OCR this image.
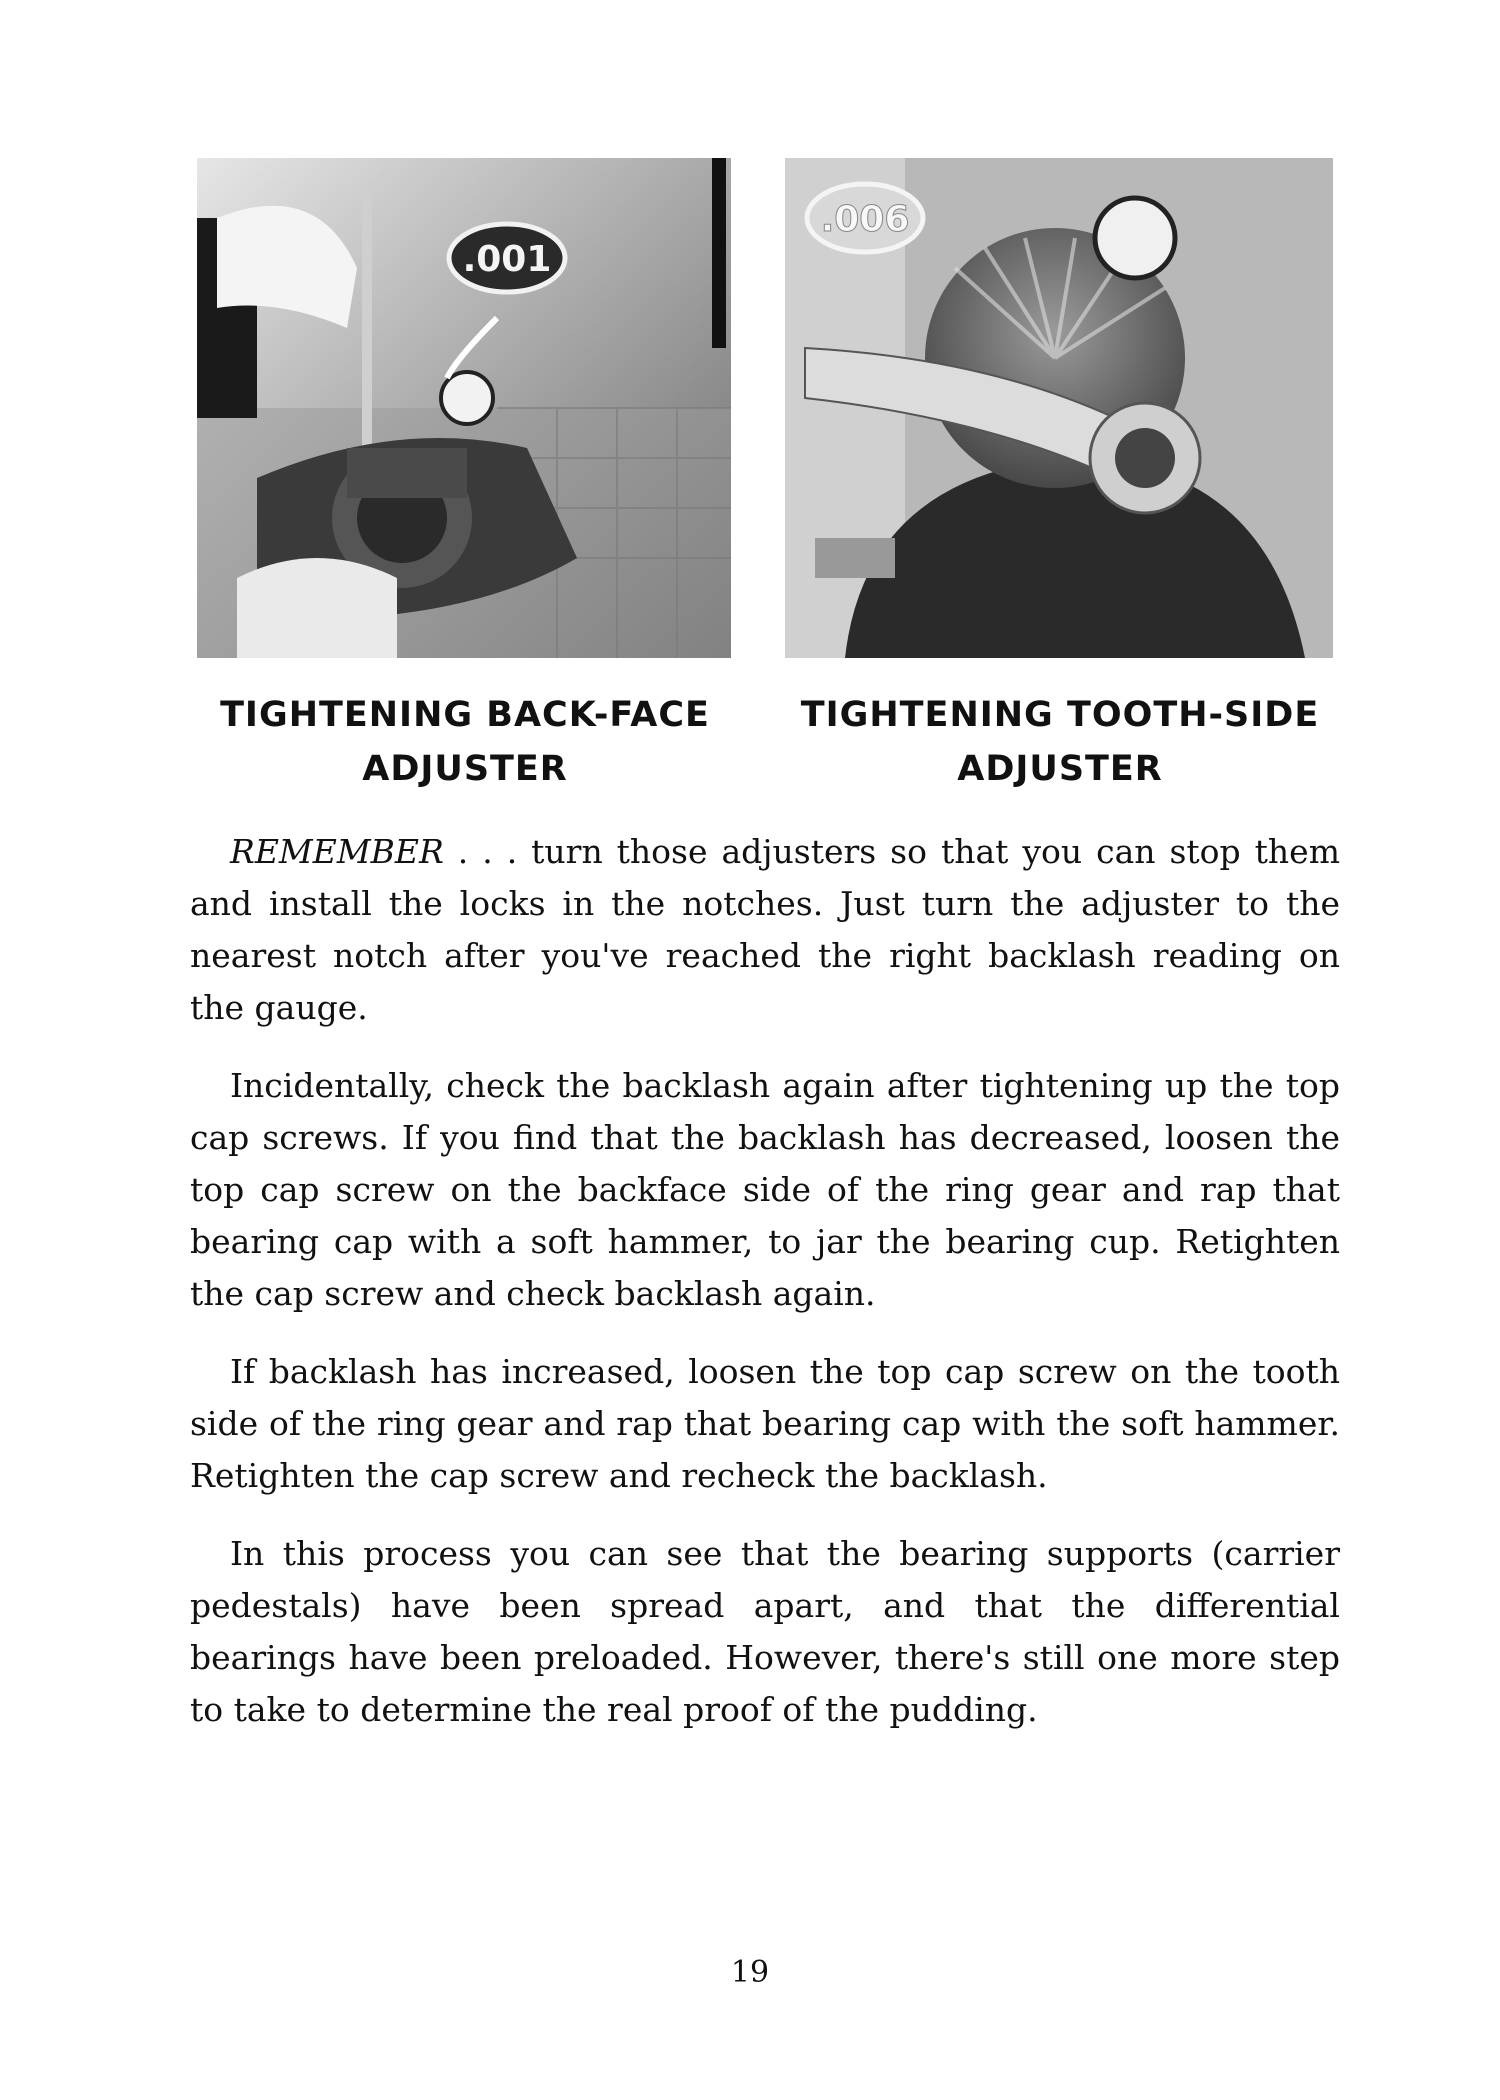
.001
.006
TIGHTENING BACK-FACE
ADJUSTER
TIGHTENING TOOTH-SIDE
ADJUSTER

REMEMBER . . . turn those adjusters so that you can stop them and install the locks in the notches. Just turn the adjuster to the nearest notch after you've reached the right backlash reading on the gauge.

Incidentally, check the backlash again after tightening up the top cap screws. If you find that the backlash has decreased, loosen the top cap screw on the backface side of the ring gear and rap that bearing cap with a soft hammer, to jar the bearing cup. Retighten the cap screw and check backlash again.

If backlash has increased, loosen the top cap screw on the tooth side of the ring gear and rap that bearing cap with the soft hammer. Retighten the cap screw and recheck the backlash.

In this process you can see that the bearing supports (carrier pedestals) have been spread apart, and that the differential bearings have been preloaded. However, there's still one more step to take to determine the real proof of the pudding.

19
